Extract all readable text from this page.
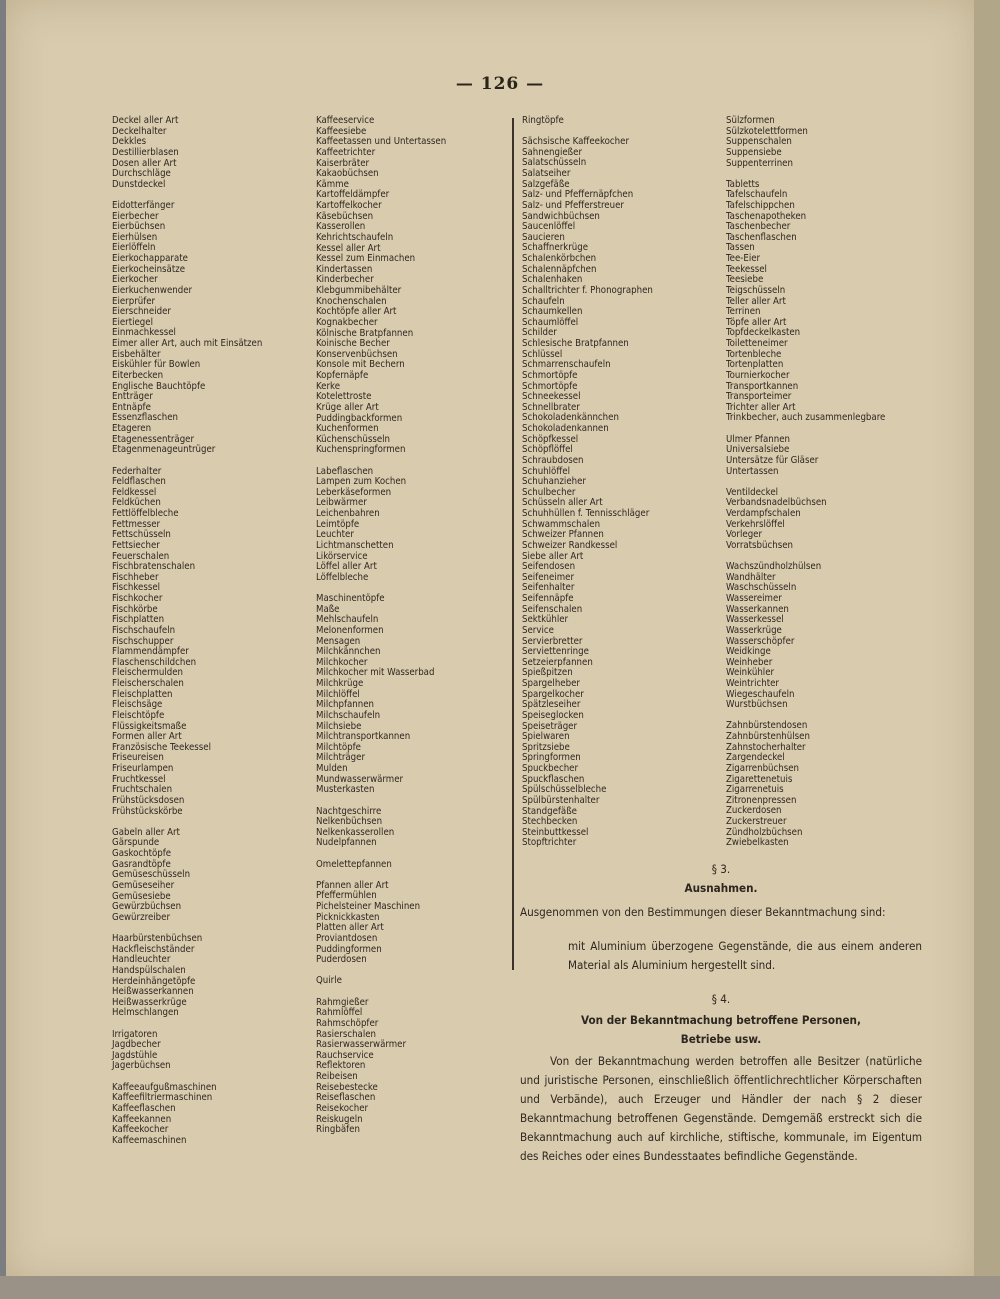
— 126 —
Deckel aller Art
Deckelhalter
Dekkles
Destillierblasen
Dosen aller Art
Durchschläge
Dunstdeckel
Eidotterfänger
Eierbecher
Eierbüchsen
Eierhülsen
Eierlöffeln
Eierkochapparate
Eierkocheinsätze
Eierkocher
Eierkuchenwender
Eierprüfer
Eierschneider
Eiertiegel
Einmachkessel
Eimer aller Art, auch mit Einsätzen
Eisbehälter
Eiskühler für Bowlen
Eiterbecken
Englische Bauchtöpfe
Entträger
Entnäpfe
Essenzflaschen
Etageren
Etagenessenträger
Etagenmenageuntrüger
Federhalter
Feldflaschen
Feldkessel
Feldküchen
Fettlöffelbleche
Fettmesser
Fettschüsseln
Fettsiecher
Feuerschalen
Fischbratenschalen
Fischheber
Fischkessel
Fischkocher
Fischkörbe
Fischplatten
Fischschaufeln
Fischschupper
Flammendämpfer
Flaschenschildchen
Fleischermulden
Fleischerschalen
Fleischplatten
Fleischsäge
Fleischtöpfe
Flüssigkeitsmaße
Formen aller Art
Französische Teekessel
Friseureisen
Friseurlampen
Fruchtkessel
Fruchtschalen
Frühstücksdosen
Frühstückskörbe
Gabeln aller Art
Gärspunde
Gaskochtöpfe
Gasrandtöpfe
Gemüseschüsseln
Gemüseseiher
Gemüsesiebe
Gewürzbüchsen
Gewürzreiber
Haarbürstenbüchsen
Hackfleischständer
Handleuchter
Handspülschalen
Herdeinhängetöpfe
Heißwasserkannen
Heißwasserkrüge
Helmschlangen
Irrigatoren
Jagdbecher
Jagdstühle
Jagerbüchsen
Kaffeeaufgußmaschinen
Kaffeefiltriermaschinen
Kaffeeflaschen
Kaffeekannen
Kaffeekocher
Kaffeemaschinen
Kaffeeservice
Kaffeesiebe
Kaffeetassen und Untertassen
Kaffeetrichter
Kaiserbräter
Kakaobüchsen
Kämme
Kartoffeldämpfer
Kartoffelkocher
Käsebüchsen
Kasserollen
Kehrichtschaufeln
Kessel aller Art
Kessel zum Einmachen
Kindertassen
Kinderbecher
Klebgummibehälter
Knochenschalen
Kochtöpfe aller Art
Kognakbecher
Kölnische Bratpfannen
Koinische Becher
Konservenbüchsen
Konsole mit Bechern
Kopfernäpfe
Kerke
Kotelettroste
Krüge aller Art
Puddingbackformen
Kuchenformen
Küchenschüsseln
Kuchenspringformen
Labeflaschen
Lampen zum Kochen
Leberkäseformen
Leibwärmer
Leichenbahren
Leimtöpfe
Leuchter
Lichtmanschetten
Likörservice
Löffel aller Art
Löffelbleche
Maschinentöpfe
Maße
Mehlschaufeln
Melonenformen
Mensagen
Milchkännchen
Milchkocher
Milchkocher mit Wasserbad
Milchkrüge
Milchlöffel
Milchpfannen
Milchschaufeln
Milchsiebe
Milchtransportkannen
Milchtöpfe
Milchträger
Mulden
Mundwasserwärmer
Musterkasten
Nachtgeschirre
Nelkenbüchsen
Nelkenkasserollen
Nudelpfannen
Omelettepfannen
Pfannen aller Art
Pfeffermühlen
Pichelsteiner Maschinen
Picknickkasten
Platten aller Art
Proviantdosen
Puddingformen
Puderdosen
Quirle
Rahmgießer
Rahmlöffel
Rahmschöpfer
Rasierschalen
Rasierwasserwärmer
Rauchservice
Reflektoren
Reibeisen
Reisebestecke
Reiseflaschen
Reisekocher
Reiskugeln
Ringbäfen
Ringtöpfe
Sächsische Kaffeekocher
Sahnengießer
Salatschüsseln
Salatseiher
Salzgefäße
Salz- und Pfeffernäpfchen
Salz- und Pfefferstreuer
Sandwichbüchsen
Saucenlöffel
Saucieren
Schaffnerkrüge
Schalenkörbchen
Schalennäpfchen
Schalenhaken
Schalltrichter f. Phonographen
Schaufeln
Schaumkellen
Schaumlöffel
Schilder
Schlesische Bratpfannen
Schlüssel
Schmarrenschaufeln
Schmortöpfe
Schmortöpfe
Schneekessel
Schnellbrater
Schokoladenkännchen
Schokoladenkannen
Schöpfkessel
Schöpflöffel
Schraubdosen
Schuhlöffel
Schuhanzieher
Schulbecher
Schüsseln aller Art
Schuhhüllen f. Tennisschläger
Schwammschalen
Schweizer Pfannen
Schweizer Randkessel
Siebe aller Art
Seifendosen
Seifeneimer
Seifenhalter
Seifennäpfe
Seifenschalen
Sektkühler
Service
Servierbretter
Serviettenringe
Setzeierpfannen
Spießpitzen
Spargelheber
Spargelkocher
Spätzleseiher
Speiseglocken
Speiseträger
Spielwaren
Spritzsiebe
Springformen
Spuckbecher
Spuckflaschen
Spülschüsselbleche
Spülbürstenhalter
Standgefäße
Stechbecken
Steinbuttkessel
Stopftrichter
Sülzformen
Sülzkotelettformen
Suppenschalen
Suppensiebe
Suppenterrinen
Tabletts
Tafelschaufeln
Tafelschippchen
Taschenapotheken
Taschenbecher
Taschenflaschen
Tassen
Tee-Eier
Teekessel
Teesiebe
Teigschüsseln
Teller aller Art
Terrinen
Töpfe aller Art
Topfdeckelkasten
Toiletteneimer
Tortenbleche
Tortenplatten
Tournierkocher
Transportkannen
Transporteimer
Trichter aller Art
Trinkbecher, auch zusammenlegbare
Ulmer Pfannen
Universalsiebe
Untersätze für Gläser
Untertassen
Ventildeckel
Verbandsnadelbüchsen
Verdampfschalen
Verkehrslöffel
Vorleger
Vorratsbüchsen
Wachszündholzhülsen
Wandhälter
Waschschüsseln
Wassereimer
Wasserkannen
Wasserkessel
Wasserkrüge
Wasserschöpfer
Weidkinge
Weinheber
Weinkühler
Weintrichter
Wiegeschaufeln
Wurstbüchsen
Zahnbürstendosen
Zahnbürstenhülsen
Zahnstocherhalter
Zargendeckel
Zigarrenbüchsen
Zigarettenetuis
Zigarrenetuis
Zitronenpressen
Zuckerdosen
Zuckerstreuer
Zündholzbüchsen
Zwiebelkasten
§ 3.
Ausnahmen.
Ausgenommen von den Bestimmungen dieser Bekanntmachung sind:
mit Aluminium überzogene Gegenstände, die aus einem anderen Material als Aluminium hergestellt sind.
§ 4.
Von der Bekanntmachung betroffene Personen,
Betriebe usw.
Von der Bekanntmachung werden betroffen alle Besitzer (natürliche und juristische Personen, einschließlich öffentlichrechtlicher Körperschaften und Verbände), auch Erzeuger und Händler der nach § 2 dieser Bekanntmachung betroffenen Gegenstände. Demgemäß erstreckt sich die Bekanntmachung auch auf kirchliche, stiftische, kommunale, im Eigentum des Reiches oder eines Bundesstaates befindliche Gegenstände.
